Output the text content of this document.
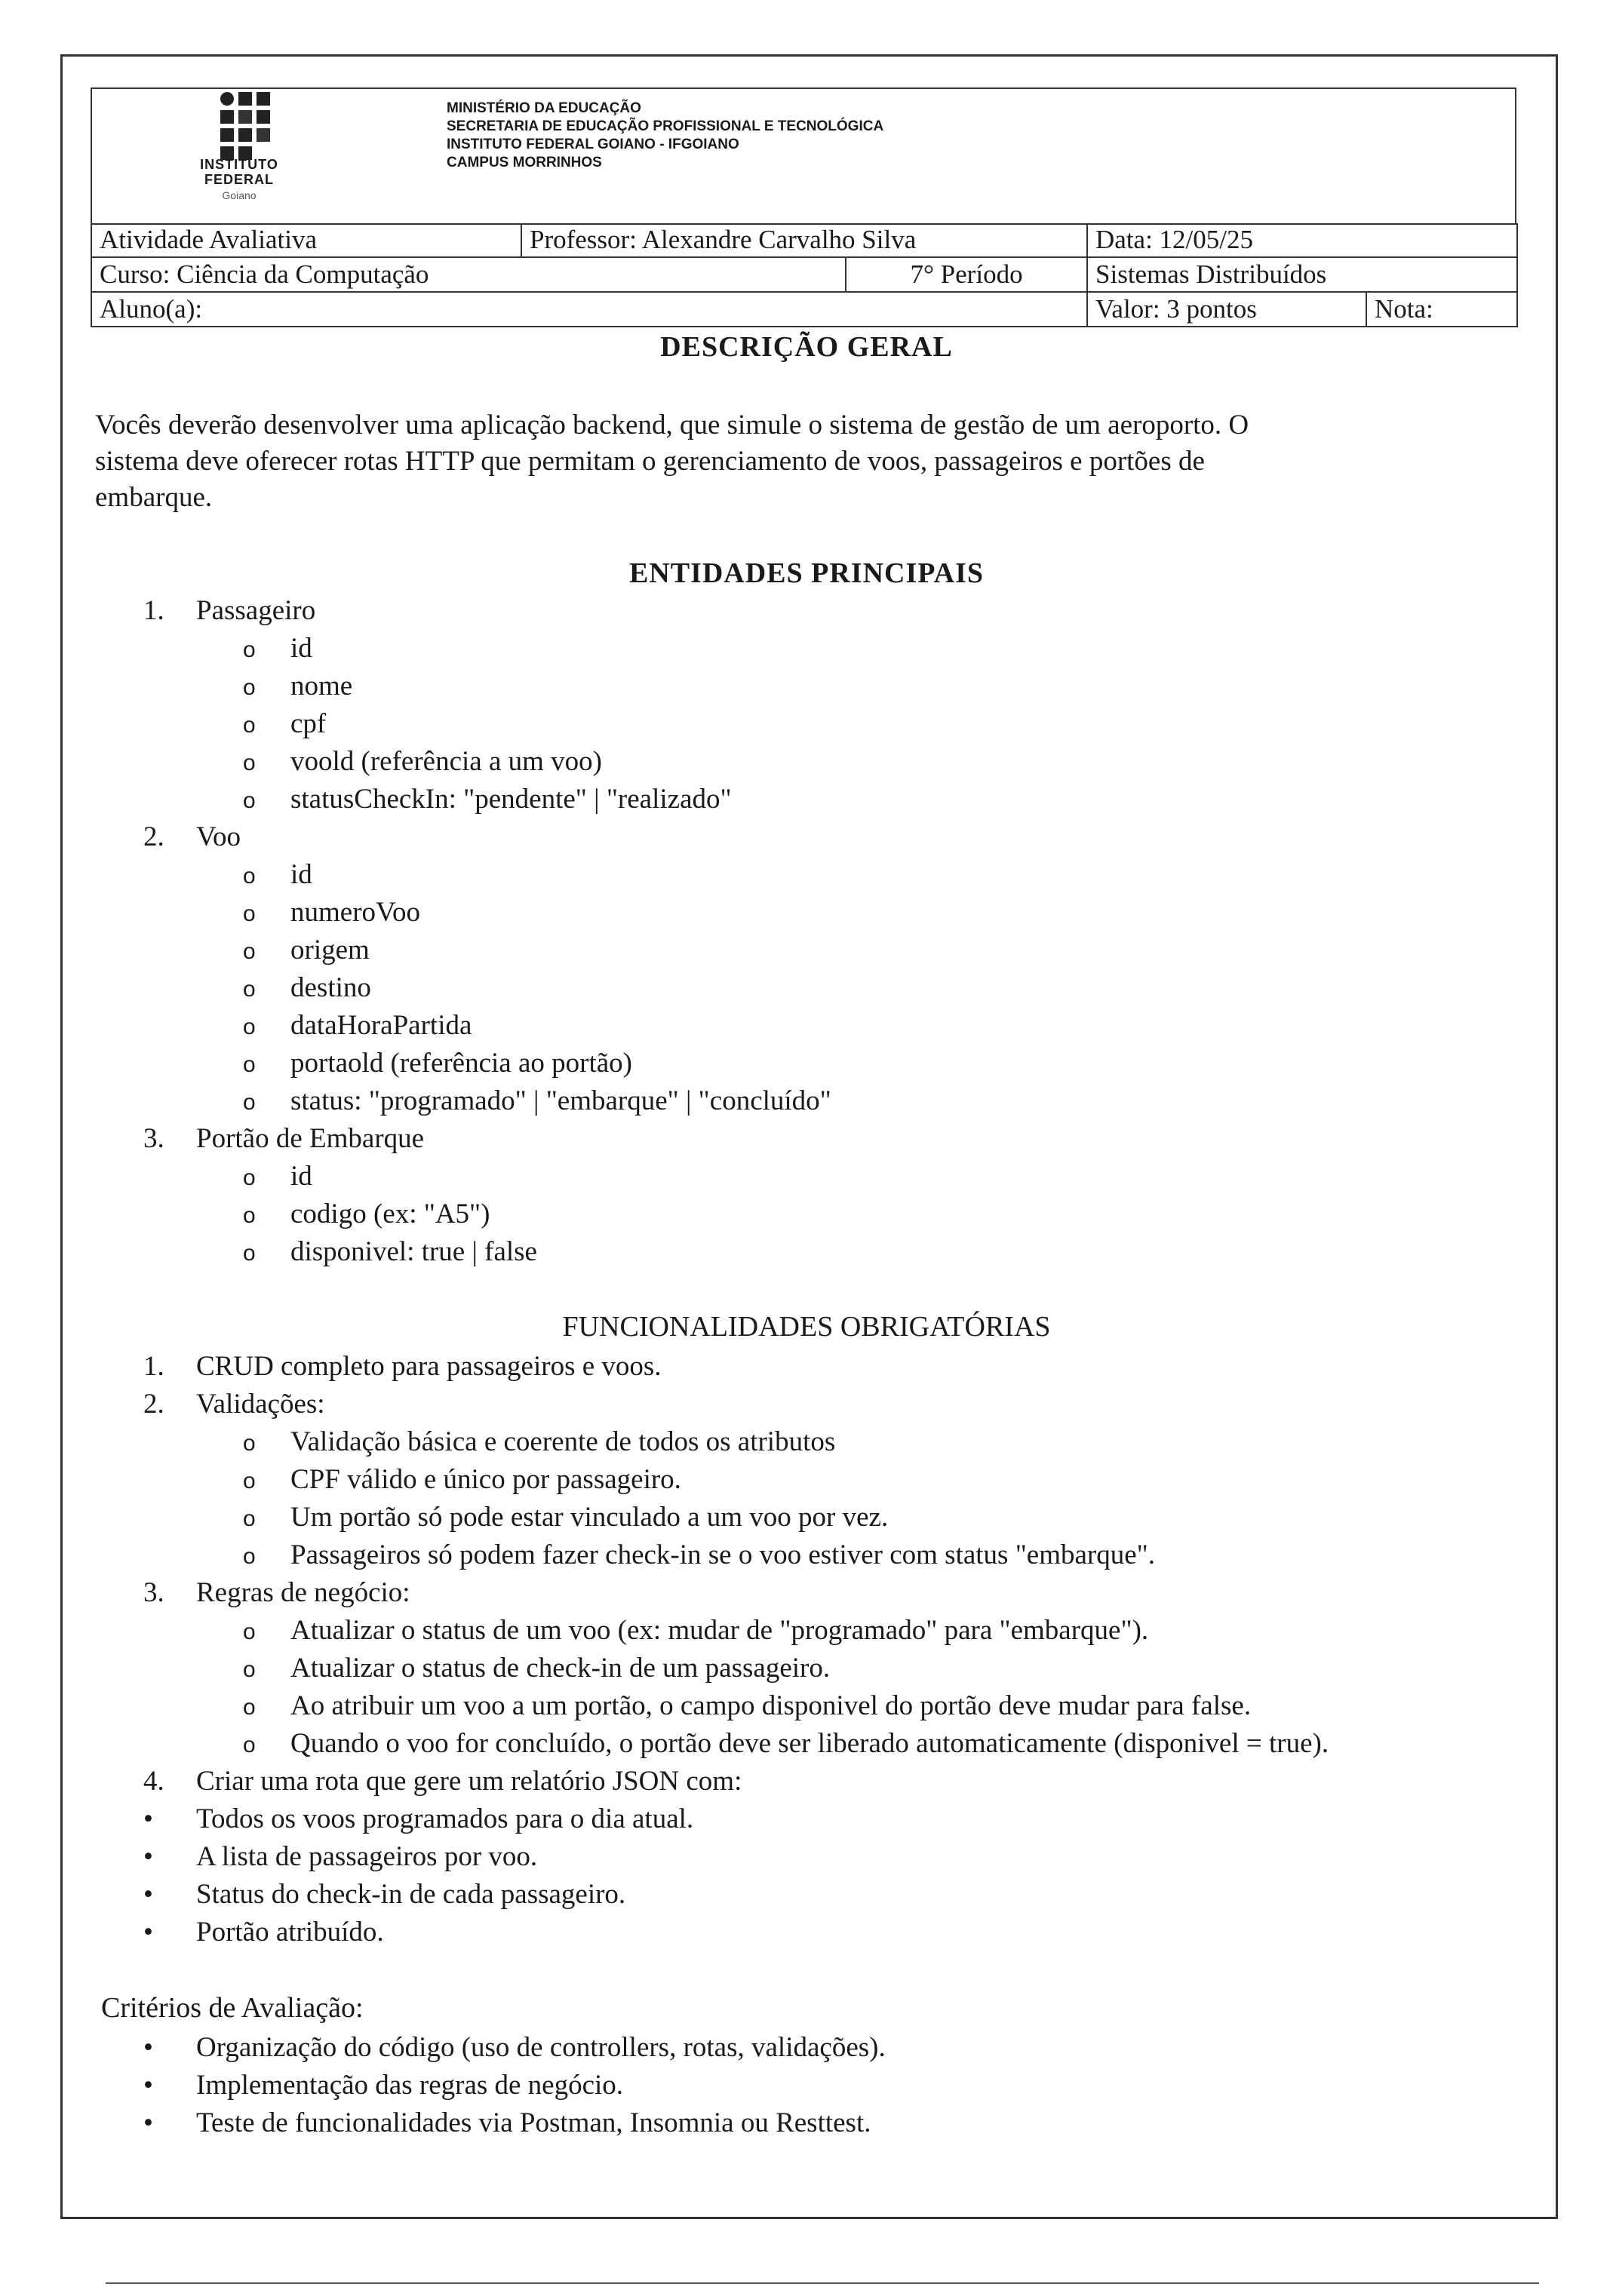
INSTITUTO
FEDERAL
Goiano
MINISTÉRIO DA EDUCAÇÃO
SECRETARIA DE EDUCAÇÃO PROFISSIONAL E TECNOLÓGICA
INSTITUTO FEDERAL GOIANO - IFGOIANO
CAMPUS MORRINHOS
Atividade Avaliativa	Professor: Alexandre Carvalho Silva		Data: 12/05/25	
Curso: Ciência da Computação		7° Período	Sistemas Distribuídos	
Aluno(a):			Valor: 3 pontos	Nota:
DESCRIÇÃO GERAL
Vocês deverão desenvolver uma aplicação backend, que simule o sistema de gestão de um aeroporto. O
sistema deve oferecer rotas HTTP que permitam o gerenciamento de voos, passageiros e portões de
embarque.
ENTIDADES PRINCIPAIS
1. Passageiro
o id
o nome
o cpf
o voold (referência a um voo)
o statusCheckIn: "pendente" | "realizado"
2. Voo
o id
o numeroVoo
o origem
o destino
o dataHoraPartida
o portaold (referência ao portão)
o status: "programado" | "embarque" | "concluído"
3. Portão de Embarque
o id
o codigo (ex: "A5")
o disponivel: true | false
FUNCIONALIDADES OBRIGATÓRIAS
1. CRUD completo para passageiros e voos.
2. Validações:
o Validação básica e coerente de todos os atributos
o CPF válido e único por passageiro.
o Um portão só pode estar vinculado a um voo por vez.
o Passageiros só podem fazer check-in se o voo estiver com status "embarque".
3. Regras de negócio:
o Atualizar o status de um voo (ex: mudar de "programado" para "embarque").
o Atualizar o status de check-in de um passageiro.
o Ao atribuir um voo a um portão, o campo disponivel do portão deve mudar para false.
o Quando o voo for concluído, o portão deve ser liberado automaticamente (disponivel = true).
4. Criar uma rota que gere um relatório JSON com:
• Todos os voos programados para o dia atual.
• A lista de passageiros por voo.
• Status do check-in de cada passageiro.
• Portão atribuído.
Critérios de Avaliação:
• Organização do código (uso de controllers, rotas, validações).
• Implementação das regras de negócio.
• Teste de funcionalidades via Postman, Insomnia ou Resttest.
